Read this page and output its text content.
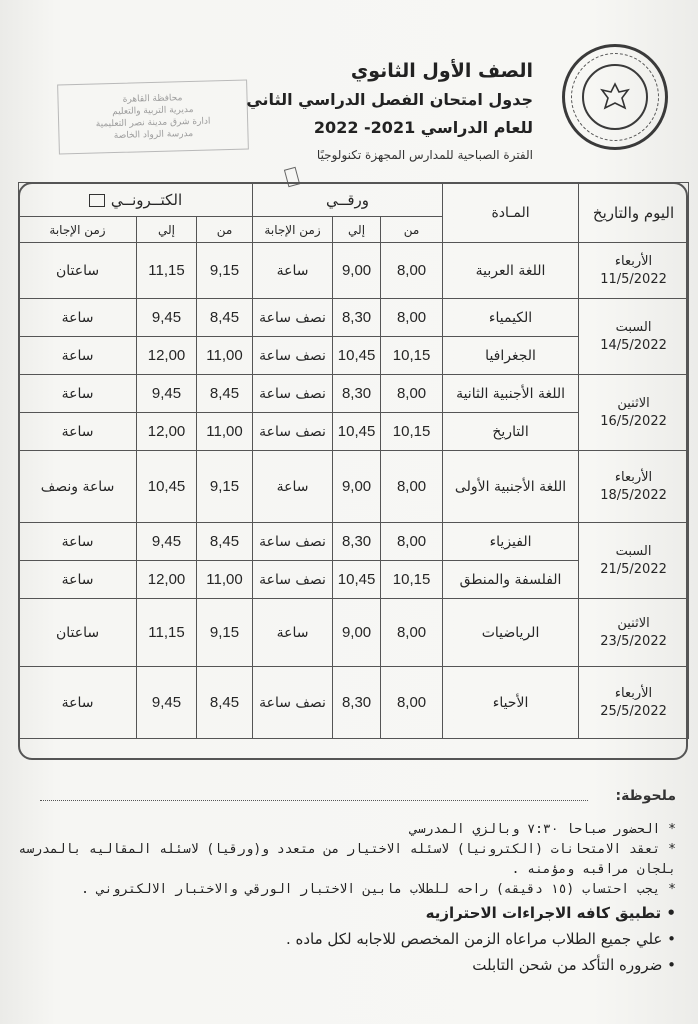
محافظة القاهرة
مديرية التربية والتعليم
ادارة شرق مدينة نصر التعليمية
مدرسة الرواد الخاصة
الصف الأول الثانوي
جدول امتحان الفصل الدراسي الثاني
للعام الدراسي 2021- 2022
الفترة الصباحية للمدارس المجهزة تكنولوجيًا
اليوم والتاريخ	المـادة	ورقــي			الكتــرونــي		
		من	إلي	زمن الإجابة	من	إلي	زمن الإجابة

الأربعاء
11/5/2022	اللغة العربية	8,00	9,00	ساعة	9,15	11,15	ساعتان

السبت
14/5/2022	الكيمياء	8,00	8,30	نصف ساعة	8,45	9,45	ساعة
	الجغرافيا	10,15	10,45	نصف ساعة	11,00	12,00	ساعة

الاثنين
16/5/2022	اللغة الأجنبية الثانية	8,00	8,30	نصف ساعة	8,45	9,45	ساعة
	التاريخ	10,15	10,45	نصف ساعة	11,00	12,00	ساعة

الأربعاء
18/5/2022	اللغة الأجنبية الأولى	8,00	9,00	ساعة	9,15	10,45	ساعة ونصف

السبت
21/5/2022	الفيزياء	8,00	8,30	نصف ساعة	8,45	9,45	ساعة
	الفلسفة والمنطق	10,15	10,45	نصف ساعة	11,00	12,00	ساعة

الاثنين
23/5/2022	الرياضيات	8,00	9,00	ساعة	9,15	11,15	ساعتان

الأربعاء
25/5/2022	الأحياء	8,00	8,30	نصف ساعة	8,45	9,45	ساعة
ملحوظة:
* الحضور صباحا ٧:٣٠ وبالزي المدرسي
* تعقد الامتحانات (الكترونيا) لاسئله الاختيار من متعدد و(ورقيا) لاسئله المقاليه بالمدرسه بلجان مراقبه ومؤمنه .
* يجب احتساب (١٥ دقيقه) راحه للطلاب مابين الاختبار الورقي والاختبار الالكتروني .
• تطبيق كافه الاجراءات الاحترازيه
• علي جميع الطلاب مراعاه الزمن المخصص للاجابه لكل ماده .
• ضروره التأكد من شحن التابلت
